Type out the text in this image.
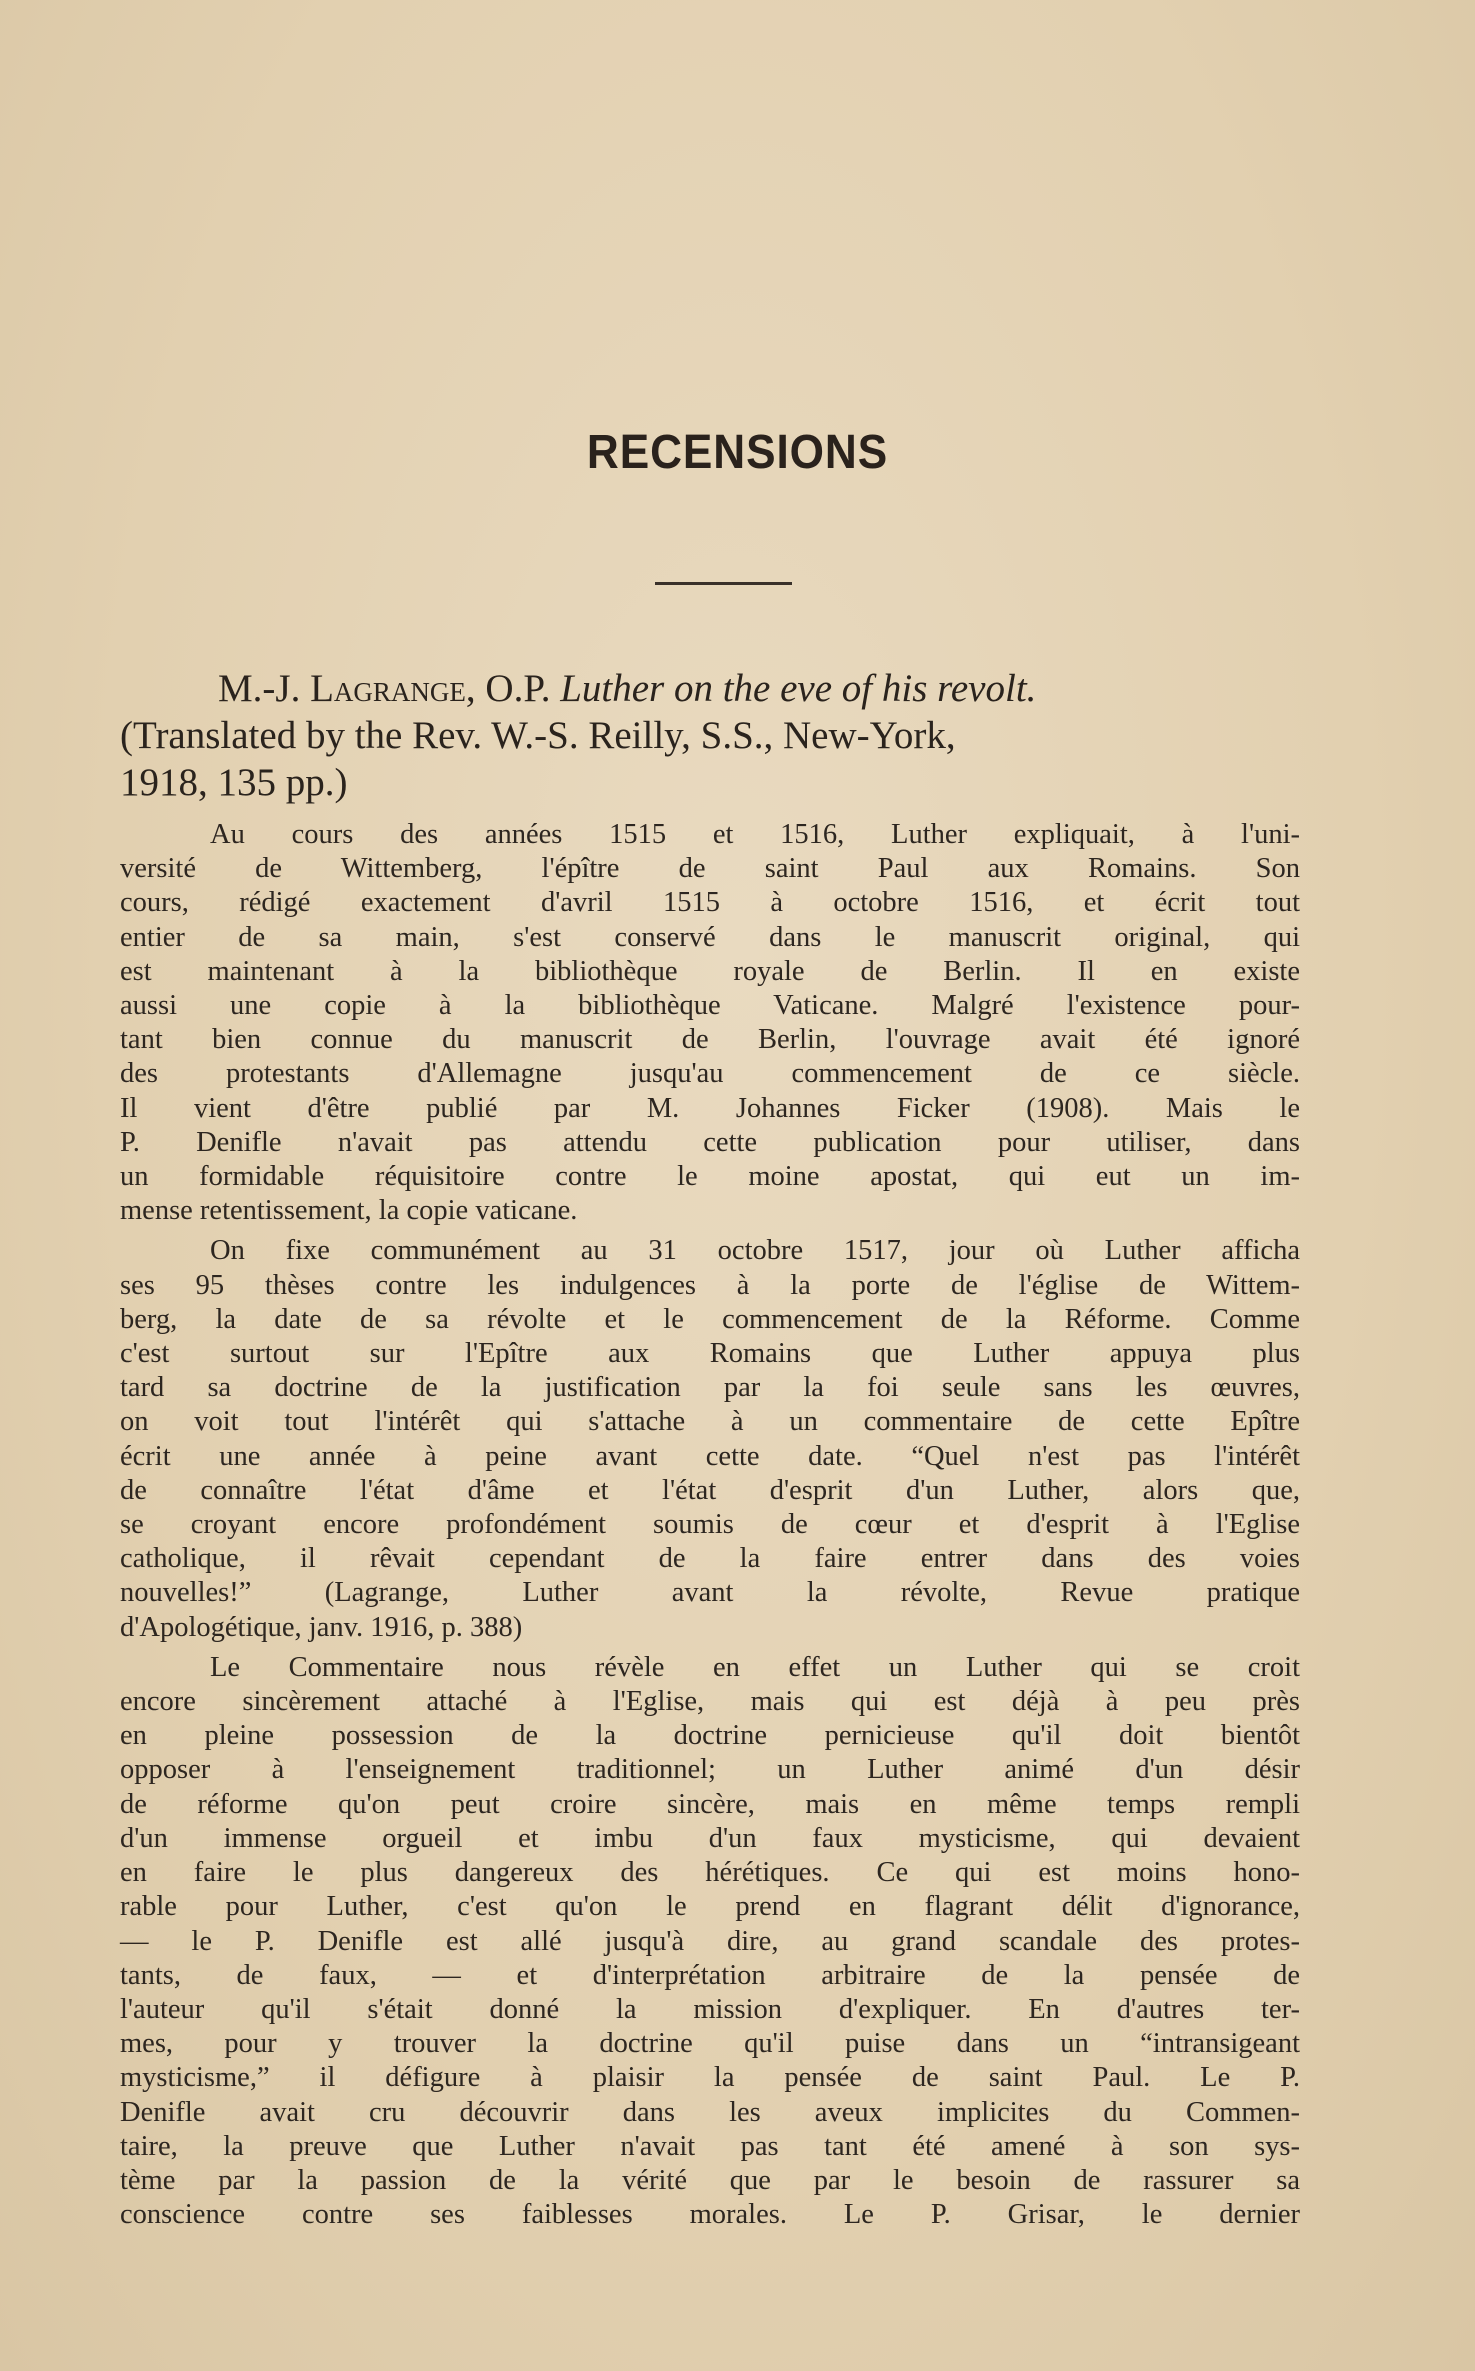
RECENSIONS
M.-J. Lagrange, O.P. Luther on the eve of his revolt.
(Translated by the Rev. W.-S. Reilly, S.S., New-York,
1918, 135 pp.)
Au cours des années 1515 et 1516, Luther expliquait, à l'uni-
versité de Wittemberg, l'épître de saint Paul aux Romains. Son
cours, rédigé exactement d'avril 1515 à octobre 1516, et écrit tout
entier de sa main, s'est conservé dans le manuscrit original, qui
est maintenant à la bibliothèque royale de Berlin. Il en existe
aussi une copie à la bibliothèque Vaticane. Malgré l'existence pour-
tant bien connue du manuscrit de Berlin, l'ouvrage avait été ignoré
des protestants d'Allemagne jusqu'au commencement de ce siècle.
Il vient d'être publié par M. Johannes Ficker (1908). Mais le
P. Denifle n'avait pas attendu cette publication pour utiliser, dans
un formidable réquisitoire contre le moine apostat, qui eut un im-
mense retentissement, la copie vaticane.
On fixe communément au 31 octobre 1517, jour où Luther afficha
ses 95 thèses contre les indulgences à la porte de l'église de Wittem-
berg, la date de sa révolte et le commencement de la Réforme. Comme
c'est surtout sur l'Epître aux Romains que Luther appuya plus
tard sa doctrine de la justification par la foi seule sans les œuvres,
on voit tout l'intérêt qui s'attache à un commentaire de cette Epître
écrit une année à peine avant cette date. “Quel n'est pas l'intérêt
de connaître l'état d'âme et l'état d'esprit d'un Luther, alors que,
se croyant encore profondément soumis de cœur et d'esprit à l'Eglise
catholique, il rêvait cependant de la faire entrer dans des voies
nouvelles!” (Lagrange, Luther avant la révolte, Revue pratique
d'Apologétique, janv. 1916, p. 388)
Le Commentaire nous révèle en effet un Luther qui se croit
encore sincèrement attaché à l'Eglise, mais qui est déjà à peu près
en pleine possession de la doctrine pernicieuse qu'il doit bientôt
opposer à l'enseignement traditionnel; un Luther animé d'un désir
de réforme qu'on peut croire sincère, mais en même temps rempli
d'un immense orgueil et imbu d'un faux mysticisme, qui devaient
en faire le plus dangereux des hérétiques. Ce qui est moins hono-
rable pour Luther, c'est qu'on le prend en flagrant délit d'ignorance,
— le P. Denifle est allé jusqu'à dire, au grand scandale des protes-
tants, de faux, — et d'interprétation arbitraire de la pensée de
l'auteur qu'il s'était donné la mission d'expliquer. En d'autres ter-
mes, pour y trouver la doctrine qu'il puise dans un “intransigeant
mysticisme,” il défigure à plaisir la pensée de saint Paul. Le P.
Denifle avait cru découvrir dans les aveux implicites du Commen-
taire, la preuve que Luther n'avait pas tant été amené à son sys-
tème par la passion de la vérité que par le besoin de rassurer sa
conscience contre ses faiblesses morales. Le P. Grisar, le dernier
